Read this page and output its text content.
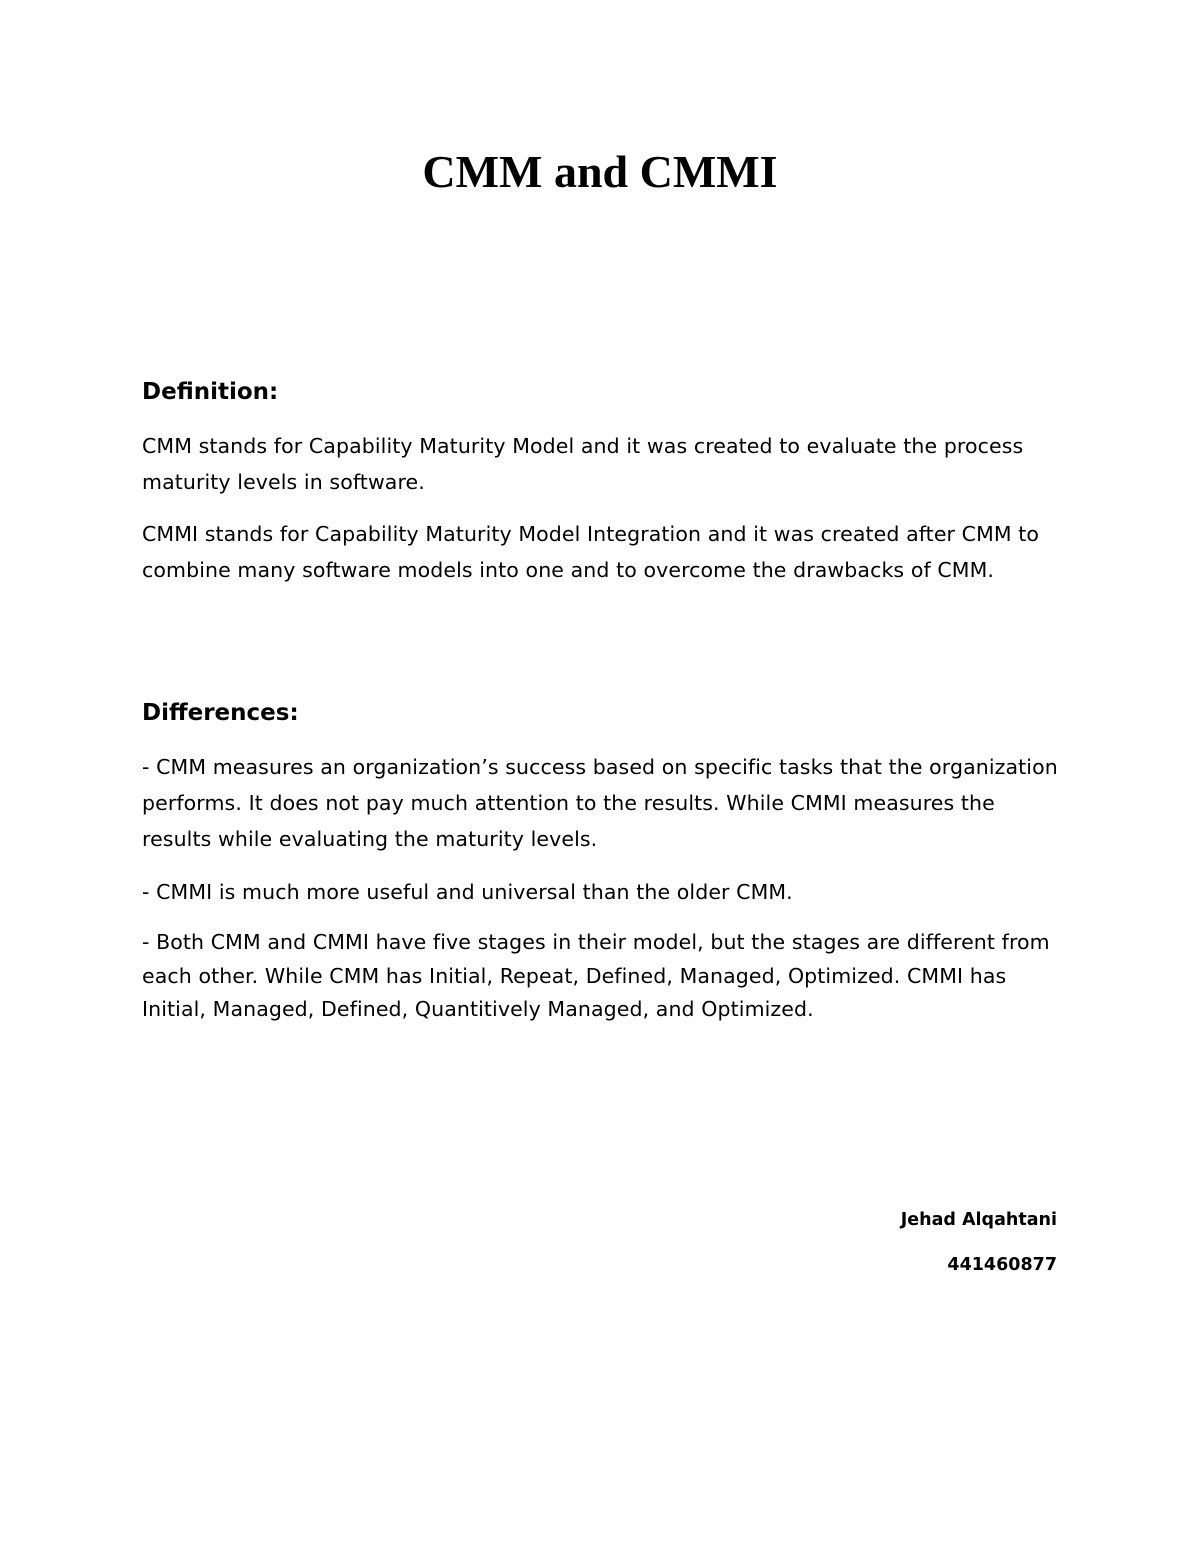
CMM and CMMI
Definition:

CMM stands for Capability Maturity Model and it was created to evaluate the process maturity levels in software.

CMMI stands for Capability Maturity Model Integration and it was created after CMM to combine many software models into one and to overcome the drawbacks of CMM.

Differences:

- CMM measures an organization’s success based on specific tasks that the organization performs. It does not pay much attention to the results. While CMMI measures the results while evaluating the maturity levels.

- CMMI is much more useful and universal than the older CMM.

- Both CMM and CMMI have five stages in their model, but the stages are different from each other. While CMM has Initial, Repeat, Defined, Managed, Optimized. CMMI has Initial, Managed, Defined, Quantitively Managed, and Optimized.

Jehad Alqahtani

441460877
